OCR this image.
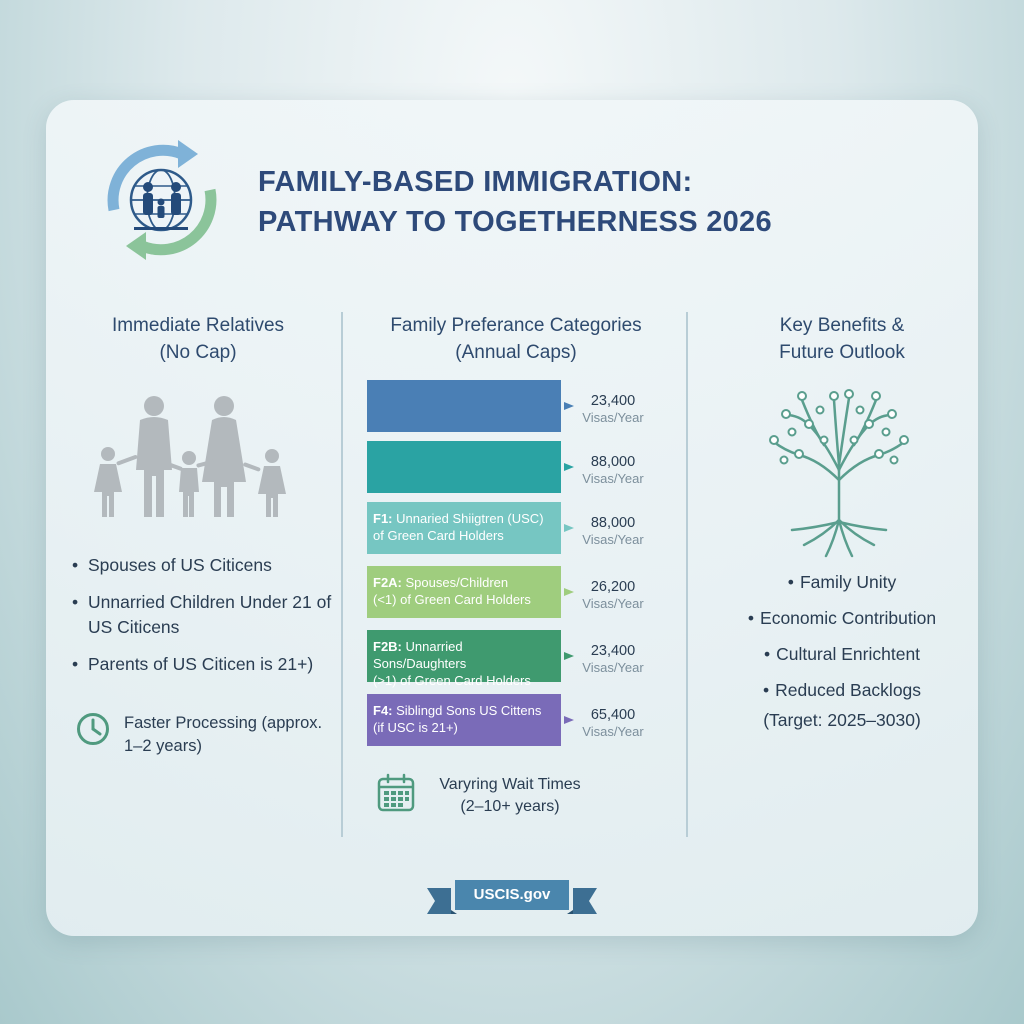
FAMILY-BASED IMMIGRATION:
PATHWAY TO TOGETHERNESS 2026
Immediate Relatives
(No Cap)
• Spouses of US Citicens
• Unnarried Children Under 21 of US Citicens
• Parents of US Citicen is 21+)
Faster Processing (approx.
1–2 years)
Family Preferance Categories
(Annual Caps)
23,400
Visas/Year
88,000
Visas/Year
F1: Unnaried Shiigtren (USC)
of Green Card Holders
88,000
Visas/Year
F2A: Spouses/Children
(<1) of Green Card Holders
26,200
Visas/Year
F2B: Unnarried Sons/Daughters
(>1) of Green Card Holders
23,400
Visas/Year
F4: Siblingd Sons US Cittens
(if USC is 21+)
65,400
Visas/Year
Varyring Wait Times
(2–10+ years)
Key Benefits &
Future Outlook
• Family Unity
• Economic Contribution
• Cultural Enrichtent
• Reduced Backlogs
(Target: 2025–3030)
USCIS.gov
